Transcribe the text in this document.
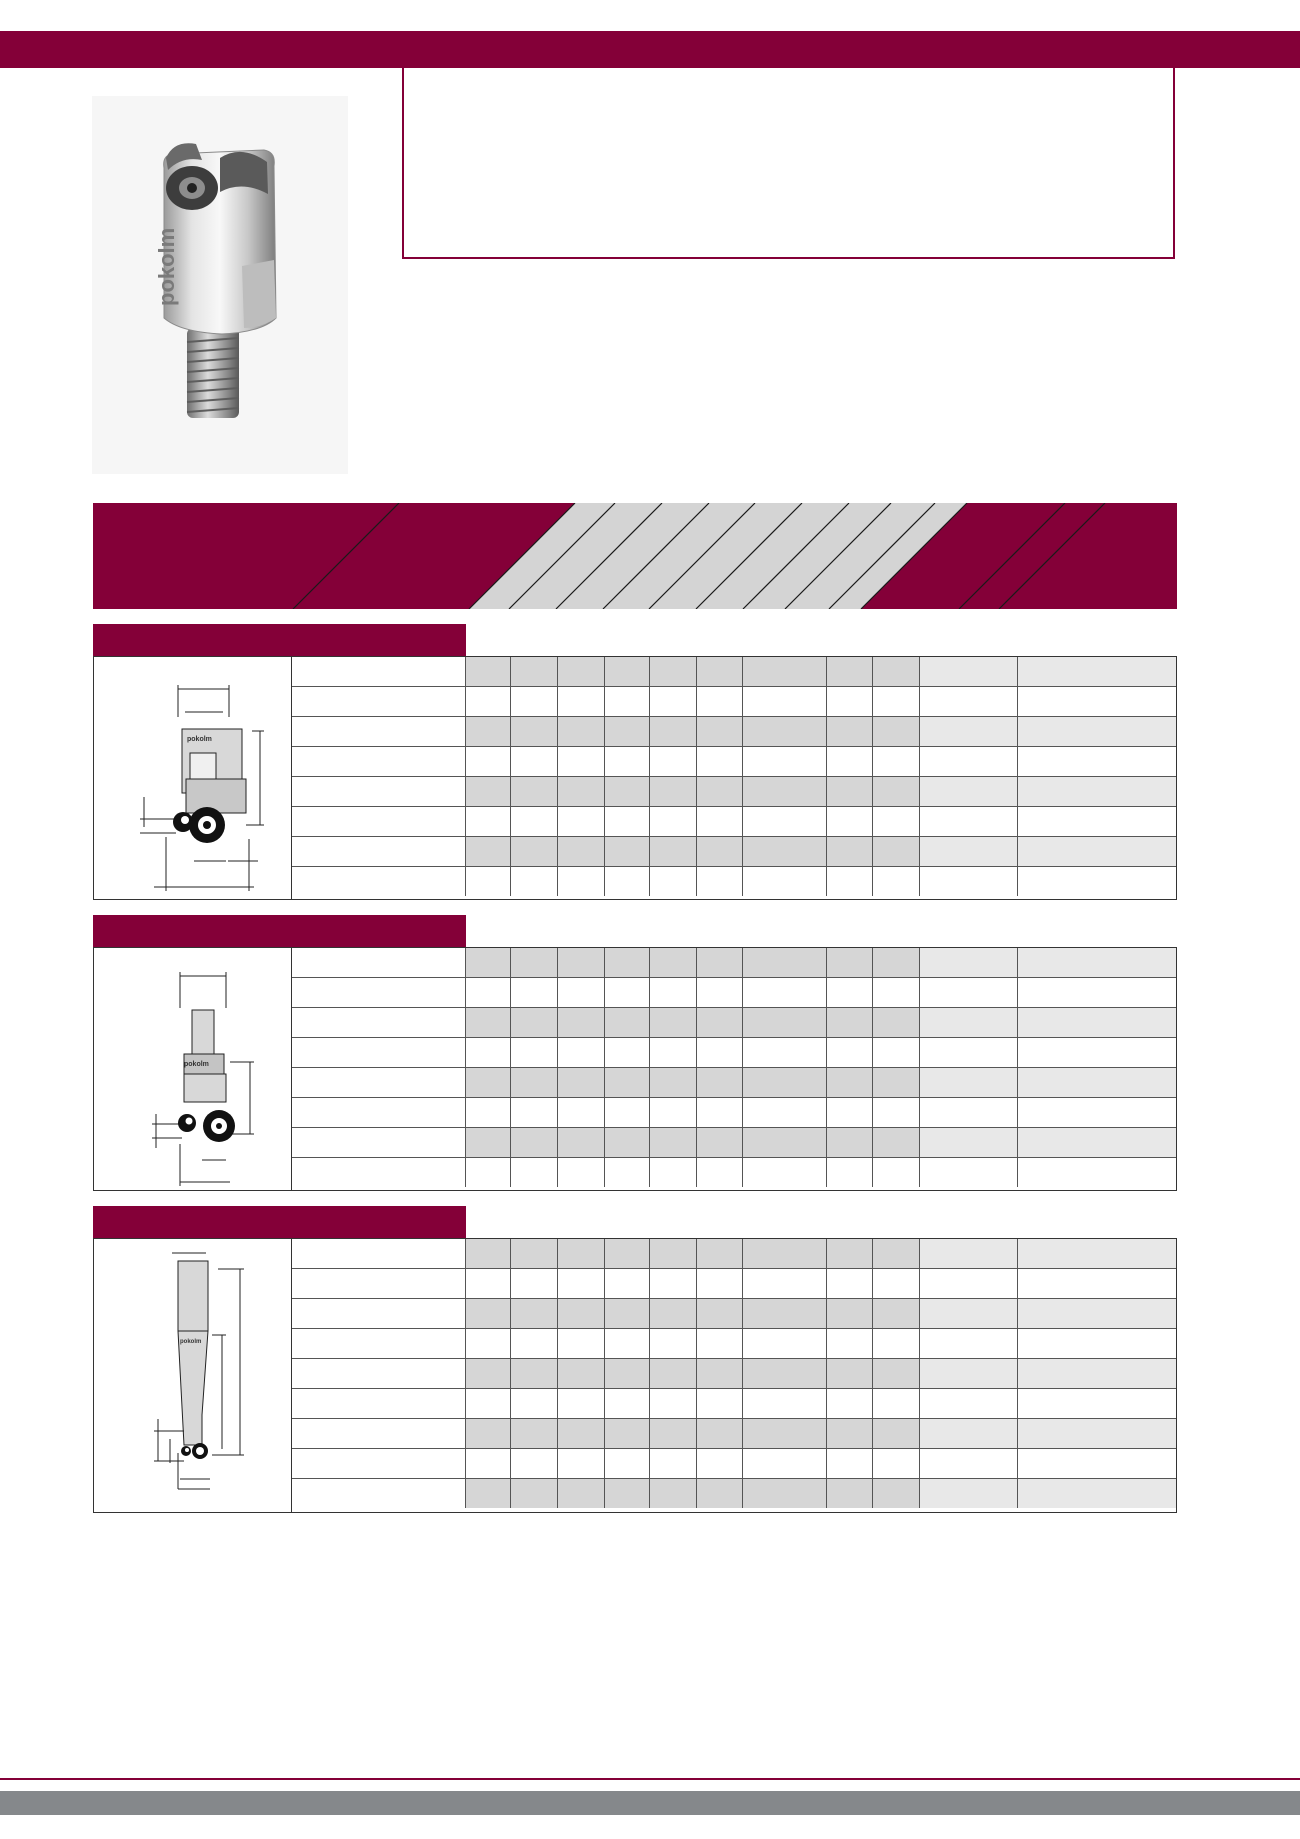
pokolm
pokolm

pokolm

pokolm
